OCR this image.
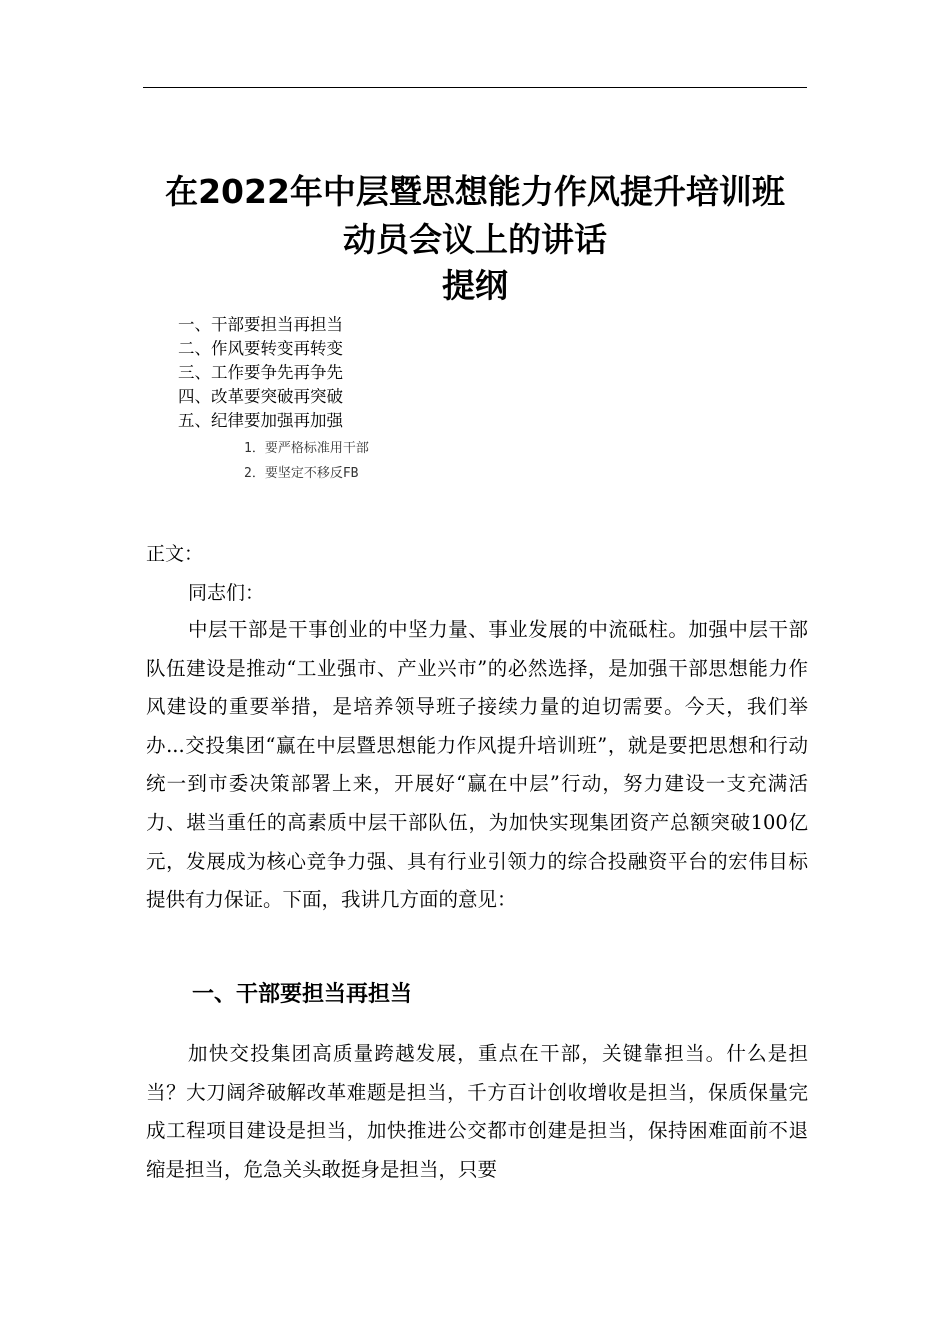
在2022年中层暨思想能力作风提升培训班
动员会议上的讲话
提纲
一、干部要担当再担当
二、作风要转变再转变
三、工作要争先再争先
四、改革要突破再突破
五、纪律要加强再加强
1．要严格标准用干部
2．要坚定不移反FB
正文：
同志们：

中层干部是干事创业的中坚力量、事业发展的中流砥柱。加强中层干部队伍建设是推动“工业强市、产业兴市”的必然选择，是加强干部思想能力作风建设的重要举措，是培养领导班子接续力量的迫切需要。今天，我们举办...交投集团“赢在中层暨思想能力作风提升培训班”，就是要把思想和行动统一到市委决策部署上来，开展好“赢在中层”行动，努力建设一支充满活力、堪当重任的高素质中层干部队伍，为加快实现集团资产总额突破100亿元，发展成为核心竞争力强、具有行业引领力的综合投融资平台的宏伟目标提供有力保证。下面，我讲几方面的意见：

一、干部要担当再担当

加快交投集团高质量跨越发展，重点在干部，关键靠担当。什么是担当？大刀阔斧破解改革难题是担当，千方百计创收增收是担当，保质保量完成工程项目建设是担当，加快推进公交都市创建是担当，保持困难面前不退缩是担当，危急关头敢挺身是担当，只要
